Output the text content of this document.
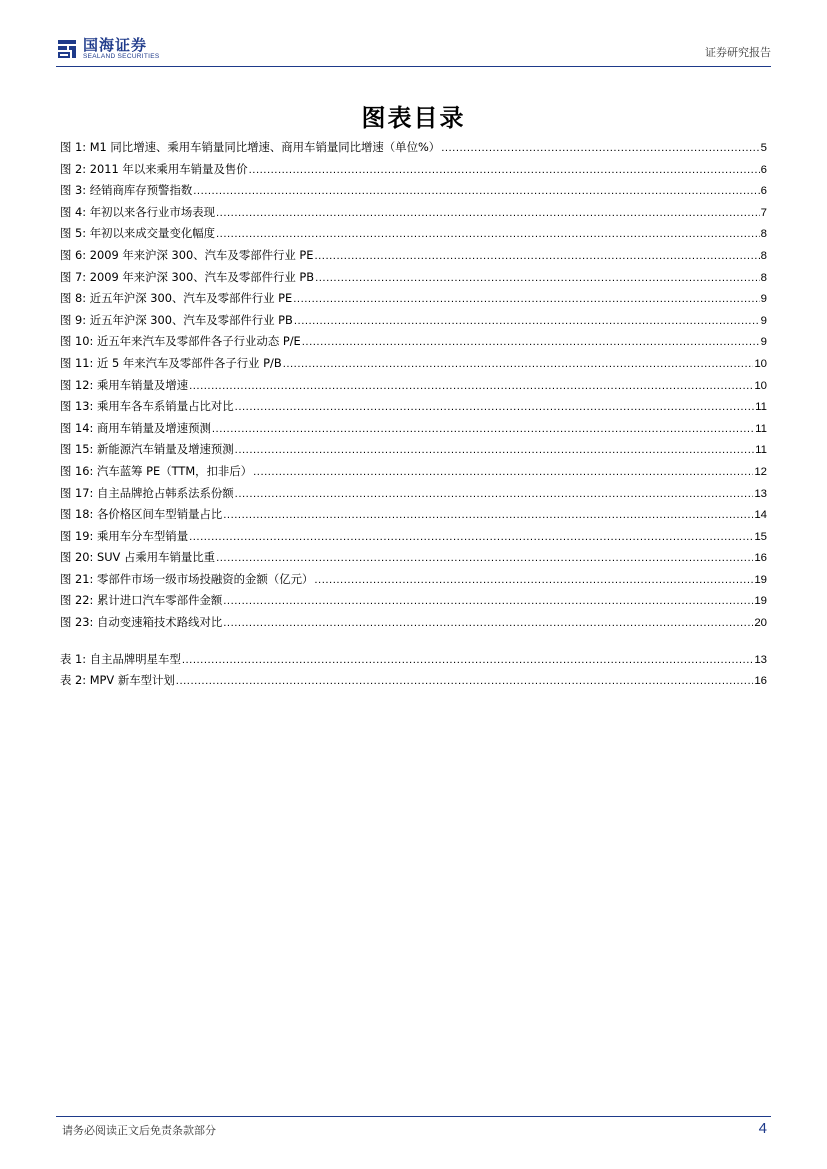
国海证券
SEALAND SECURITIES	证券研究报告
图表目录
图 1: M1 同比增速、乘用车销量同比增速、商用车销量同比增速（单位%） .....	5
图 2: 2011 年以来乘用车销量及售价 .....	6
图 3: 经销商库存预警指数 .....	6
图 4: 年初以来各行业市场表现 .....	7
图 5: 年初以来成交量变化幅度 .....	8
图 6: 2009 年来沪深 300、汽车及零部件行业 PE .....	8
图 7: 2009 年来沪深 300、汽车及零部件行业 PB .....	8
图 8: 近五年沪深 300、汽车及零部件行业 PE .....	9
图 9: 近五年沪深 300、汽车及零部件行业 PB .....	9
图 10: 近五年来汽车及零部件各子行业动态 P/E .....	9
图 11: 近 5 年来汽车及零部件各子行业 P/B .....	10
图 12: 乘用车销量及增速 .....	10
图 13: 乘用车各车系销量占比对比 .....	11
图 14: 商用车销量及增速预测 .....	11
图 15: 新能源汽车销量及增速预测 .....	11
图 16: 汽车蓝筹 PE（TTM，扣非后） .....	12
图 17: 自主品牌抢占韩系法系份额 .....	13
图 18: 各价格区间车型销量占比 .....	14
图 19: 乘用车分车型销量 .....	15
图 20: SUV 占乘用车销量比重 .....	16
图 21: 零部件市场一级市场投融资的金额（亿元） .....	19
图 22: 累计进口汽车零部件金额 .....	19
图 23: 自动变速箱技术路线对比 .....	20
表 1: 自主品牌明星车型 .....	13
表 2: MPV 新车型计划 .....	16
请务必阅读正文后免责条款部分	4
